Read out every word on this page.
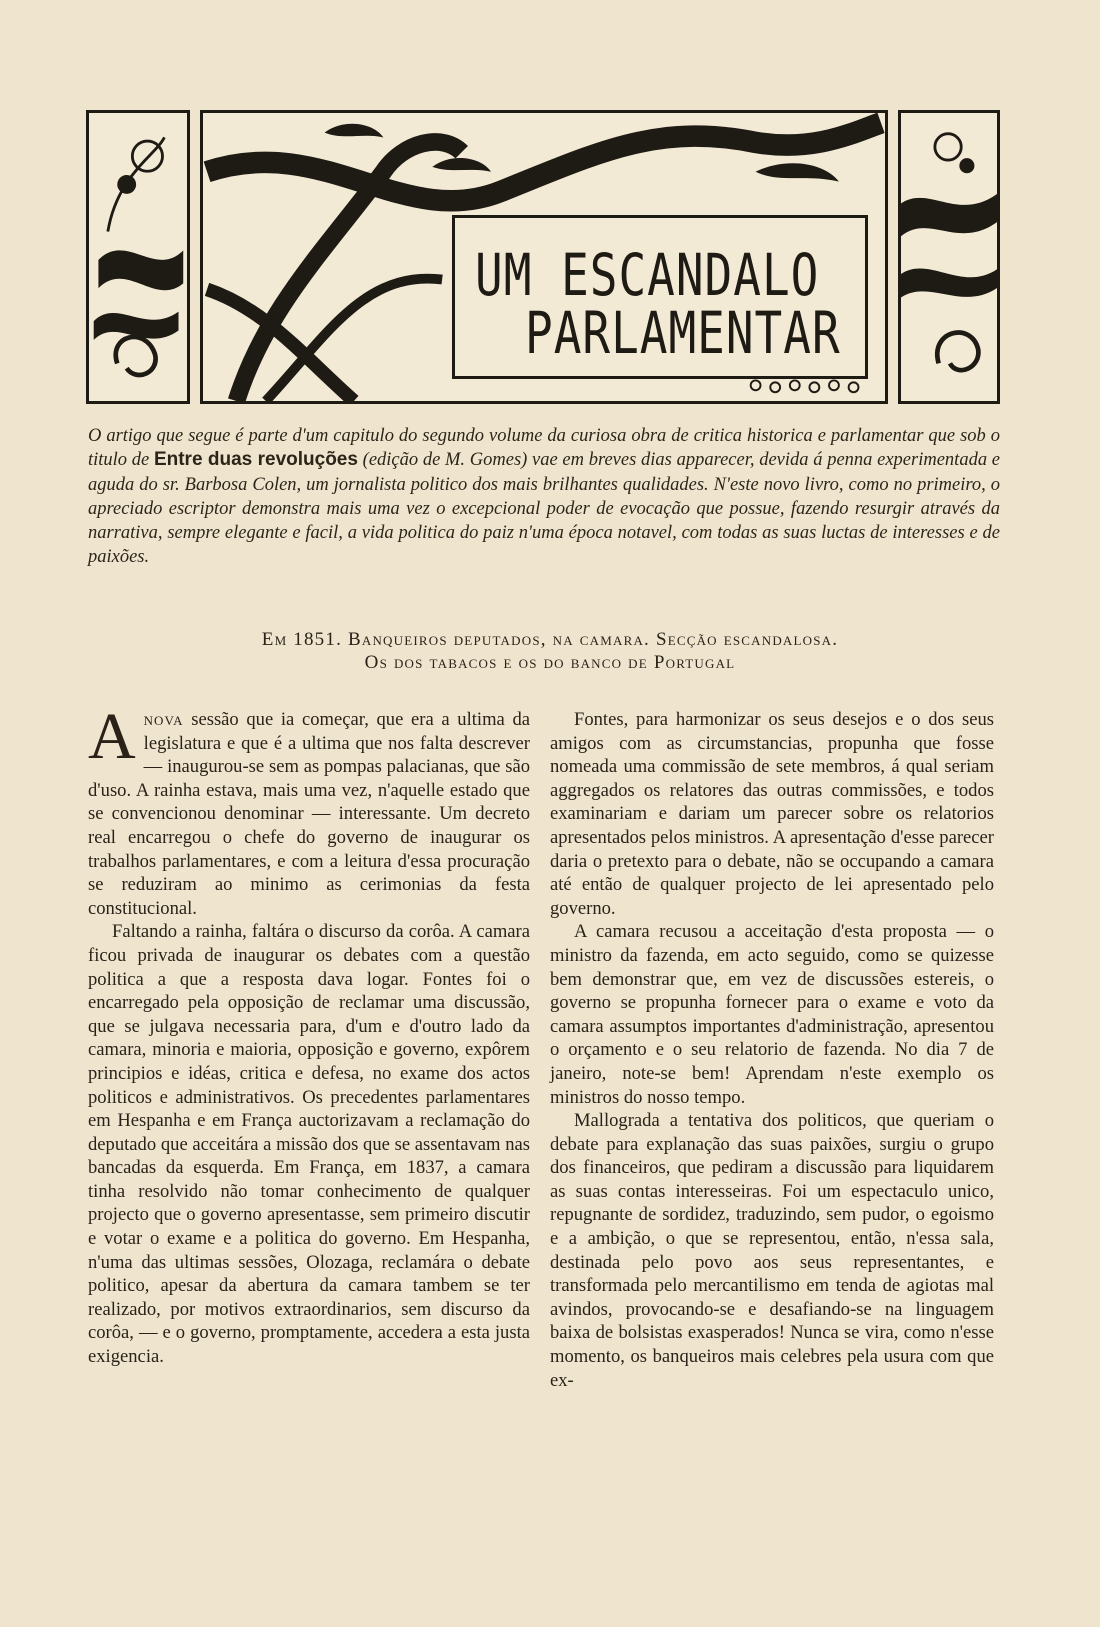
UM ESCANDALO
PARLAMENTAR
O artigo que segue é parte d'um capitulo do segundo volume da curiosa obra de critica historica e parlamentar que sob o titulo de Entre duas revoluções (edição de M. Gomes) vae em breves dias apparecer, devida á penna experimentada e aguda do sr. Barbosa Colen, um jornalista politico dos mais brilhantes qualidades. N'este novo livro, como no primeiro, o apreciado escriptor demonstra mais uma vez o excepcional poder de evocação que possue, fazendo resurgir através da narrativa, sempre elegante e facil, a vida politica do paiz n'uma época notavel, com todas as suas luctas de interesses e de paixões.
Em 1851. Banqueiros deputados, na camara. Secção escandalosa.
Os dos tabacos e os do banco de Portugal

Anova sessão que ia começar, que era a ultima da legislatura e que é a ultima que nos falta descrever — inaugurou-se sem as pompas palacianas, que são d'uso. A rainha estava, mais uma vez, n'aquelle estado que se convencionou denominar — interessante. Um decreto real encarregou o chefe do governo de inaugurar os trabalhos parlamentares, e com a leitura d'essa procuração se reduziram ao minimo as cerimonias da festa constitucional.

Faltando a rainha, faltára o discurso da corôa. A camara ficou privada de inaugurar os debates com a questão politica a que a resposta dava logar. Fontes foi o encarregado pela opposição de reclamar uma discussão, que se julgava necessaria para, d'um e d'outro lado da camara, minoria e maioria, opposição e governo, expôrem principios e idéas, critica e defesa, no exame dos actos politicos e administrativos. Os precedentes parlamentares em Hespanha e em França auctorizavam a reclamação do deputado que acceitára a missão dos que se assentavam nas bancadas da esquerda. Em França, em 1837, a camara tinha resolvido não tomar conhecimento de qualquer projecto que o governo apresentasse, sem primeiro discutir e votar o exame e a politica do governo. Em Hespanha, n'uma das ultimas sessões, Olozaga, reclamára o debate politico, apesar da abertura da camara tambem se ter realizado, por motivos extraordinarios, sem discurso da corôa, — e o governo, promptamente, accedera a esta justa exigencia.

Fontes, para harmonizar os seus desejos e o dos seus amigos com as circumstancias, propunha que fosse nomeada uma commissão de sete membros, á qual seriam aggregados os relatores das outras commissões, e todos examinariam e dariam um parecer sobre os relatorios apresentados pelos ministros. A apresentação d'esse parecer daria o pretexto para o debate, não se occupando a camara até então de qualquer projecto de lei apresentado pelo governo.

A camara recusou a acceitação d'esta proposta — o ministro da fazenda, em acto seguido, como se quizesse bem demonstrar que, em vez de discussões estereis, o governo se propunha fornecer para o exame e voto da camara assumptos importantes d'administração, apresentou o orçamento e o seu relatorio de fazenda. No dia 7 de janeiro, note-se bem! Aprendam n'este exemplo os ministros do nosso tempo.

Mallograda a tentativa dos politicos, que queriam o debate para explanação das suas paixões, surgiu o grupo dos financeiros, que pediram a discussão para liquidarem as suas contas interesseiras. Foi um espectaculo unico, repugnante de sordidez, traduzindo, sem pudor, o egoismo e a ambição, o que se representou, então, n'essa sala, destinada pelo povo aos seus representantes, e transformada pelo mercantilismo em tenda de agiotas mal avindos, provocando-se e desafiando-se na linguagem baixa de bolsistas exasperados! Nunca se vira, como n'esse momento, os banqueiros mais celebres pela usura com que ex-
